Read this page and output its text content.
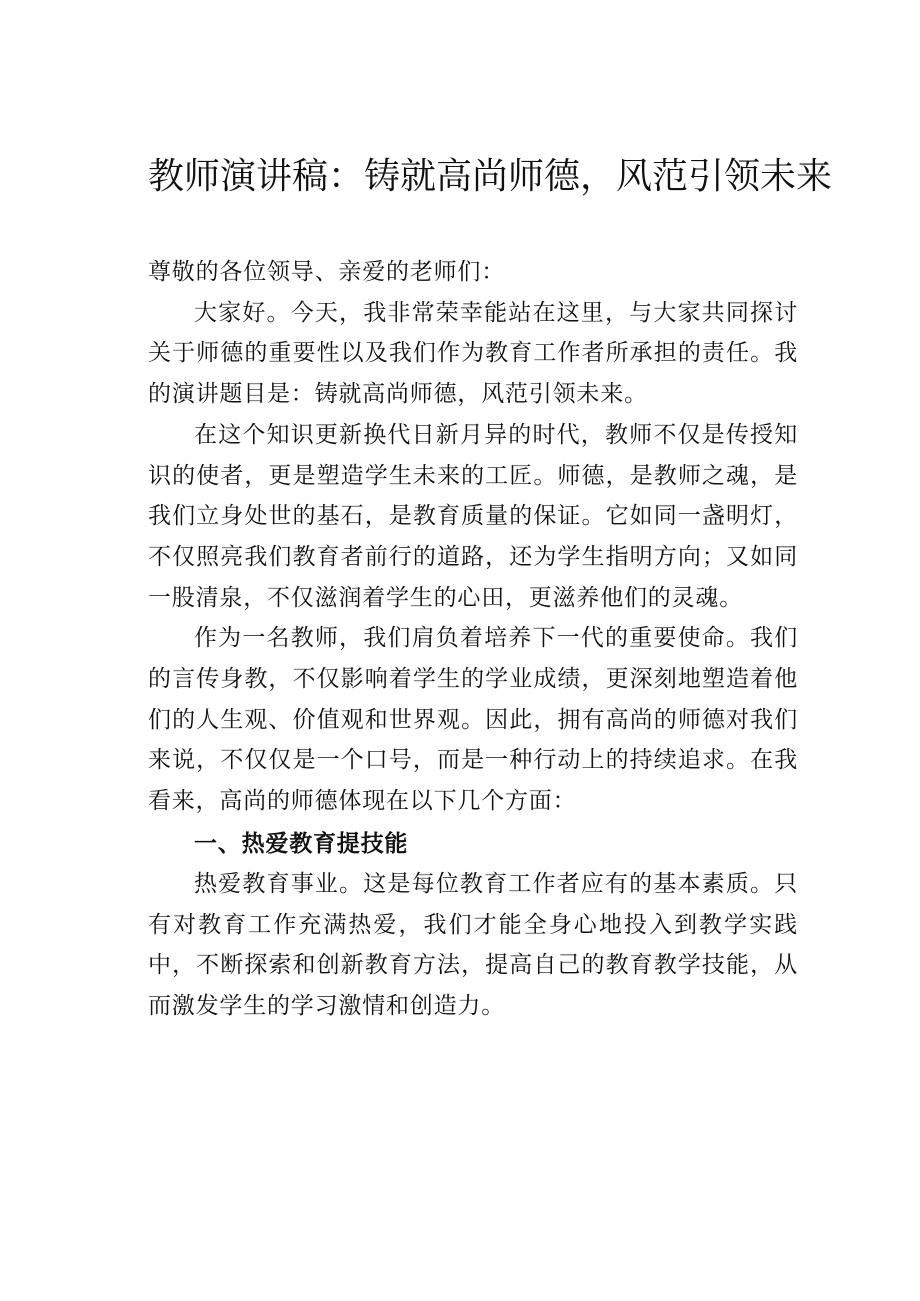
教师演讲稿：铸就高尚师德，风范引领未来

尊敬的各位领导、亲爱的老师们：

大家好。今天，我非常荣幸能站在这里，与大家共同探讨关于师德的重要性以及我们作为教育工作者所承担的责任。我的演讲题目是：铸就高尚师德，风范引领未来。

在这个知识更新换代日新月异的时代，教师不仅是传授知识的使者，更是塑造学生未来的工匠。师德，是教师之魂，是我们立身处世的基石，是教育质量的保证。它如同一盏明灯，不仅照亮我们教育者前行的道路，还为学生指明方向；又如同一股清泉，不仅滋润着学生的心田，更滋养他们的灵魂。

作为一名教师，我们肩负着培养下一代的重要使命。我们的言传身教，不仅影响着学生的学业成绩，更深刻地塑造着他们的人生观、价值观和世界观。因此，拥有高尚的师德对我们来说，不仅仅是一个口号，而是一种行动上的持续追求。在我看来，高尚的师德体现在以下几个方面：

一、热爱教育提技能

热爱教育事业。这是每位教育工作者应有的基本素质。只有对教育工作充满热爱，我们才能全身心地投入到教学实践中，不断探索和创新教育方法，提高自己的教育教学技能，从而激发学生的学习激情和创造力。
